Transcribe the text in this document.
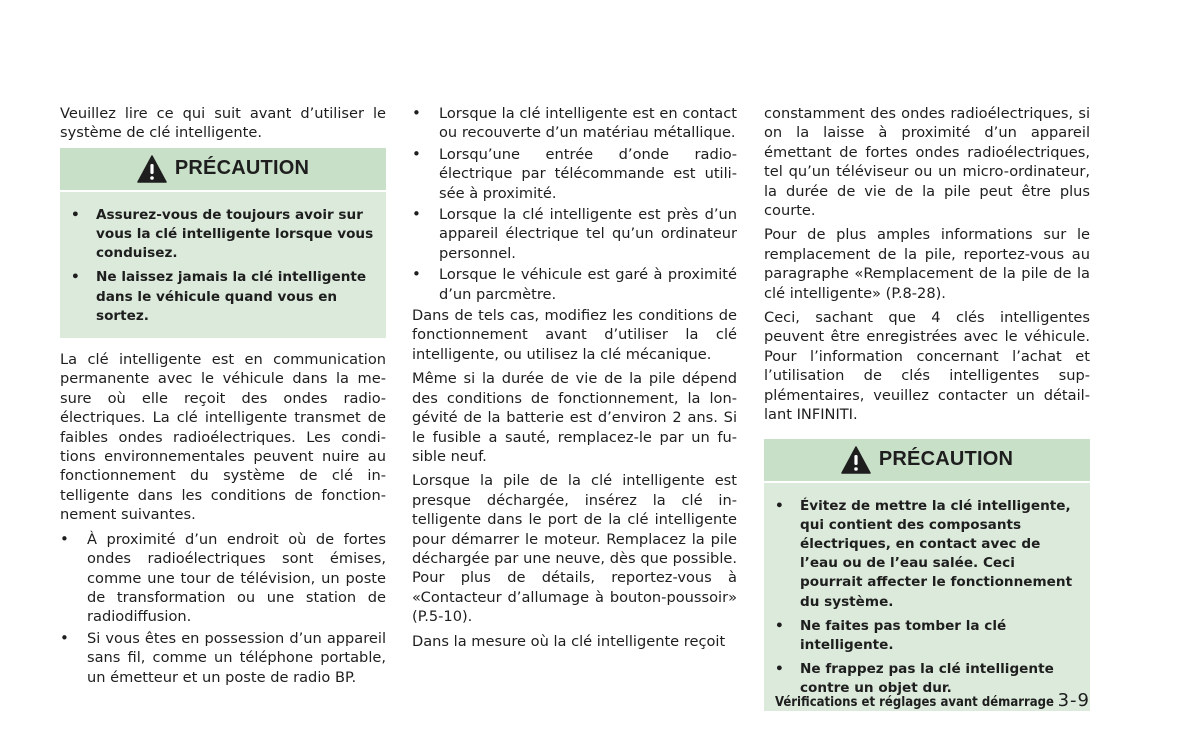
Veuillez lire ce qui suit avant d’utiliser le système de clé intelligente.

PRÉCAUTION
• Assurez-vous de toujours avoir sur vous la clé intelligente lorsque vous conduisez.
• Ne laissez jamais la clé intelligente dans le véhicule quand vous en sortez.

La clé intelligente est en communication permanente avec le véhicule dans la mesure où elle reçoit des ondes radioélectriques. La clé intelligente transmet de faibles ondes radioélectriques. Les conditions environnementales peuvent nuire au fonctionnement du système de clé intelligente dans les conditions de fonctionnement suivantes.

• À proximité d’un endroit où de fortes ondes radioélectriques sont émises, comme une tour de télévision, un poste de transformation ou une station de radiodiffusion.
• Si vous êtes en possession d’un appareil sans fil, comme un téléphone portable, un émetteur et un poste de radio BP.
• Lorsque la clé intelligente est en contact ou recouverte d’un matériau métallique.
• Lorsqu’une entrée d’onde radioélectrique par télécommande est utilisée à proximité.
• Lorsque la clé intelligente est près d’un appareil électrique tel qu’un ordinateur personnel.
• Lorsque le véhicule est garé à proximité d’un parcmètre.

Dans de tels cas, modifiez les conditions de fonctionnement avant d’utiliser la clé intelligente, ou utilisez la clé mécanique.

Même si la durée de vie de la pile dépend des conditions de fonctionnement, la longévité de la batterie est d’environ 2 ans. Si le fusible a sauté, remplacez-le par un fusible neuf.

Lorsque la pile de la clé intelligente est presque déchargée, insérez la clé intelligente dans le port de la clé intelligente pour démarrer le moteur. Remplacez la pile déchargée par une neuve, dès que possible. Pour plus de détails, reportez-vous à «Contacteur d’allumage à bouton-poussoir» (P.5-10).

Dans la mesure où la clé intelligente reçoit

constamment des ondes radioélectriques, si on la laisse à proximité d’un appareil émettant de fortes ondes radioélectriques, tel qu’un téléviseur ou un micro-ordinateur, la durée de vie de la pile peut être plus courte.

Pour de plus amples informations sur le remplacement de la pile, reportez-vous au paragraphe «Remplacement de la pile de la clé intelligente» (P.8-28).

Ceci, sachant que 4 clés intelligentes peuvent être enregistrées avec le véhicule. Pour l’information concernant l’achat et l’utilisation de clés intelligentes supplémentaires, veuillez contacter un détaillant INFINITI.

PRÉCAUTION
• Évitez de mettre la clé intelligente, qui contient des composants électriques, en contact avec de l’eau ou de l’eau salée. Ceci pourrait affecter le fonctionnement du système.
• Ne faites pas tomber la clé intelligente.
• Ne frappez pas la clé intelligente contre un objet dur.
Vérifications et réglages avant démarrage 3-9
